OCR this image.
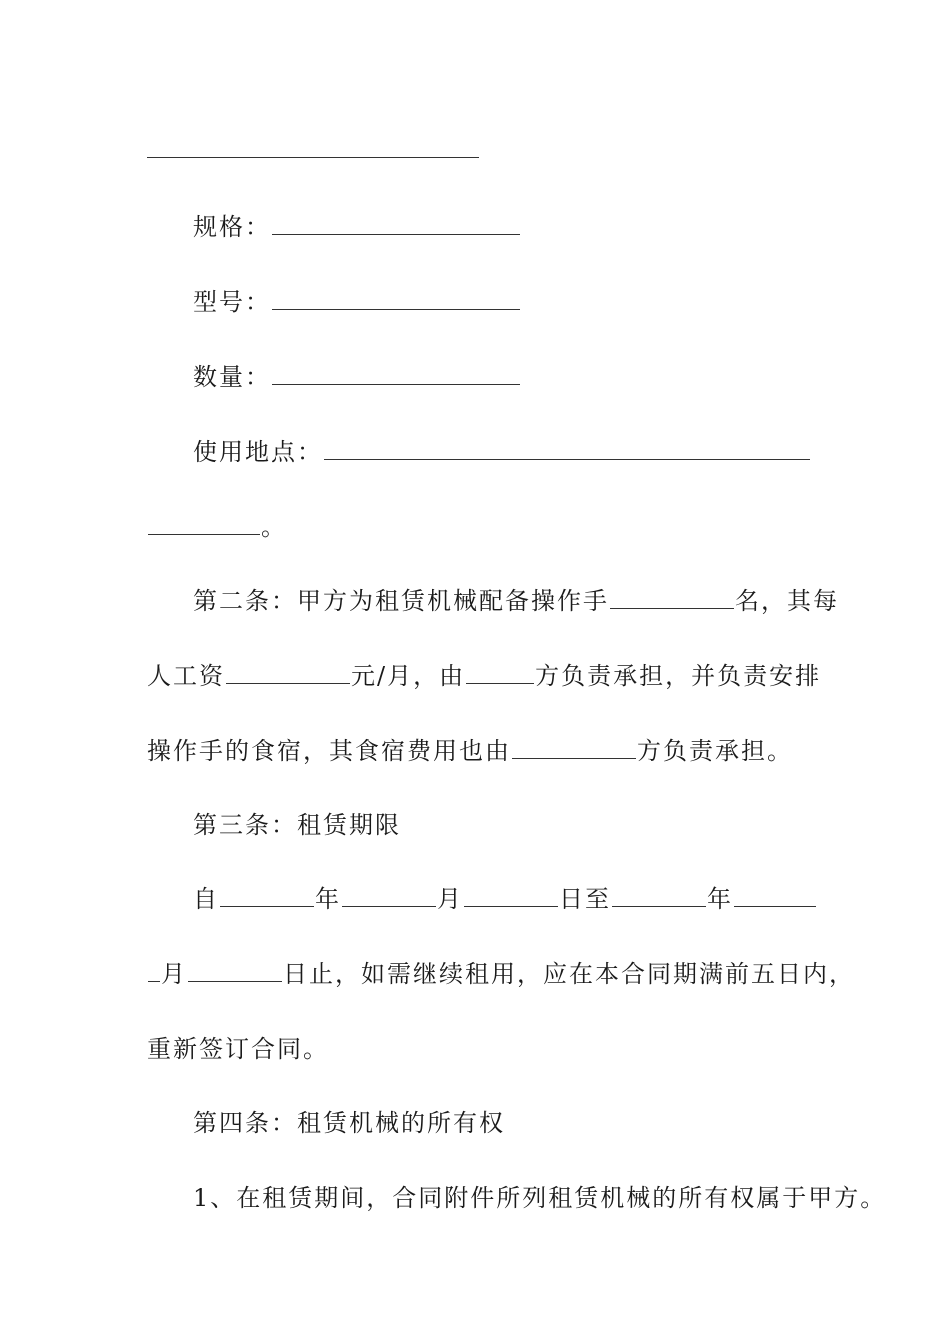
规格：
型号：
数量：
使用地点：
。
第二条：甲方为租赁机械配备操作手	名，其每
人工资	元/月，由	方负责承担，并负责安排
操作手的食宿，其食宿费用也由	方负责承担。
第三条：租赁期限
自	年	月	日至	年
月	日止，如需继续租用，应在本合同期满前五日内，
重新签订合同。
第四条：租赁机械的所有权
1、在租赁期间，合同附件所列租赁机械的所有权属于甲方。
